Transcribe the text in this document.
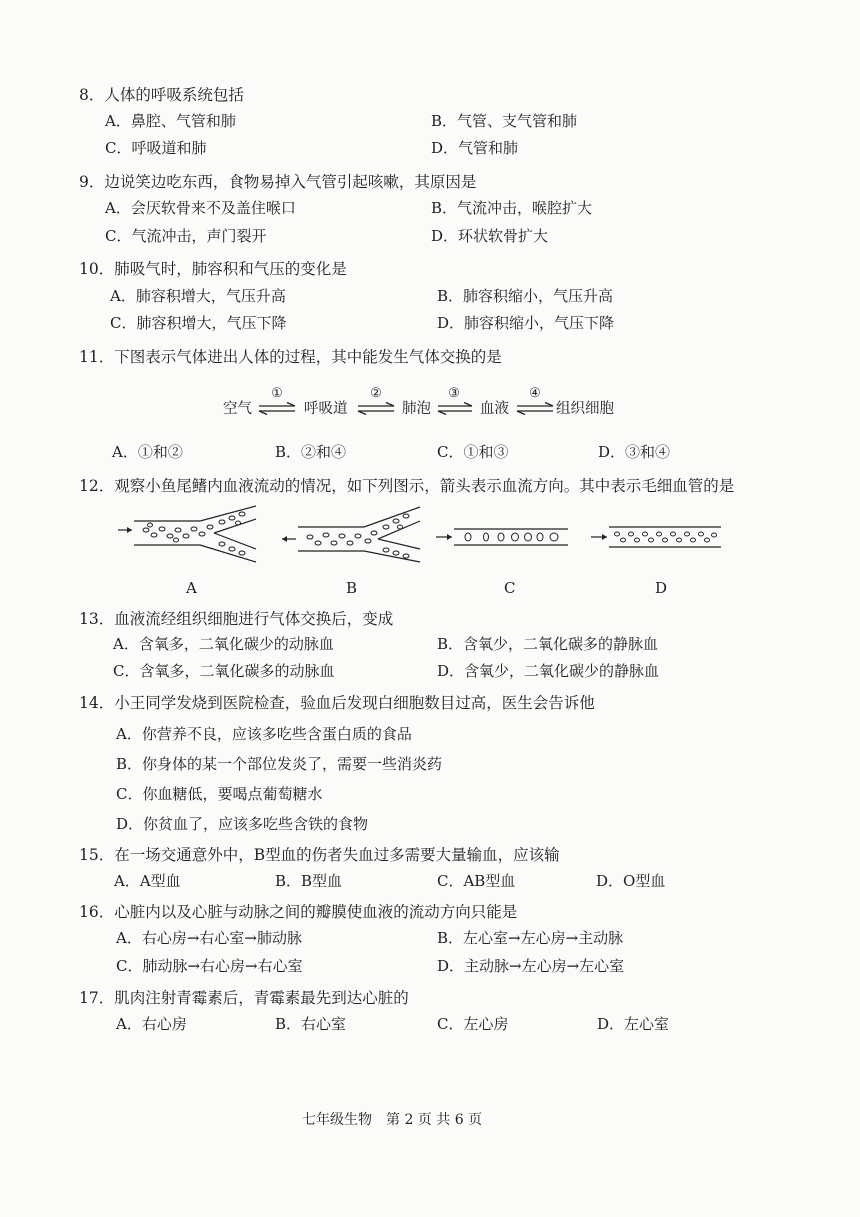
8．人体的呼吸系统包括
A．鼻腔、气管和肺	B．气管、支气管和肺
C．呼吸道和肺	D．气管和肺
9．边说笑边吃东西，食物易掉入气管引起咳嗽，其原因是
A．会厌软骨来不及盖住喉口	B．气流冲击，喉腔扩大
C．气流冲击，声门裂开	D．环状软骨扩大
10．肺吸气时，肺容积和气压的变化是
A．肺容积增大，气压升高	B．肺容积缩小，气压升高
C．肺容积增大，气压下降	D．肺容积缩小，气压下降
11．下图表示气体进出人体的过程，其中能发生气体交换的是
空气
①
⇌ 呼吸道
②
⇌ 肺泡
③
⇌ 血液
④
⇌ 组织细胞
A．①和②	B．②和④	C．①和③	D．③和④
12．观察小鱼尾鳍内血液流动的情况，如下列图示，箭头表示血流方向。其中表示毛细血管的是
A	B	C	D
13．血液流经组织细胞进行气体交换后，变成
A．含氧多，二氧化碳少的动脉血	B．含氧少，二氧化碳多的静脉血
C．含氧多，二氧化碳多的动脉血	D．含氧少，二氧化碳少的静脉血
14．小王同学发烧到医院检查，验血后发现白细胞数目过高，医生会告诉他
A．你营养不良，应该多吃些含蛋白质的食品
B．你身体的某一个部位发炎了，需要一些消炎药
C．你血糖低，要喝点葡萄糖水
D．你贫血了，应该多吃些含铁的食物
15．在一场交通意外中，B型血的伤者失血过多需要大量输血，应该输
A．A型血	B．B型血	C．AB型血	D．O型血
16．心脏内以及心脏与动脉之间的瓣膜使血液的流动方向只能是
A．右心房→右心室→肺动脉	B．左心室→左心房→主动脉
C．肺动脉→右心房→右心室	D．主动脉→左心房→左心室
17．肌肉注射青霉素后，青霉素最先到达心脏的
A．右心房	B．右心室	C．左心房	D．左心室
七年级生物　第 2 页 共 6 页
